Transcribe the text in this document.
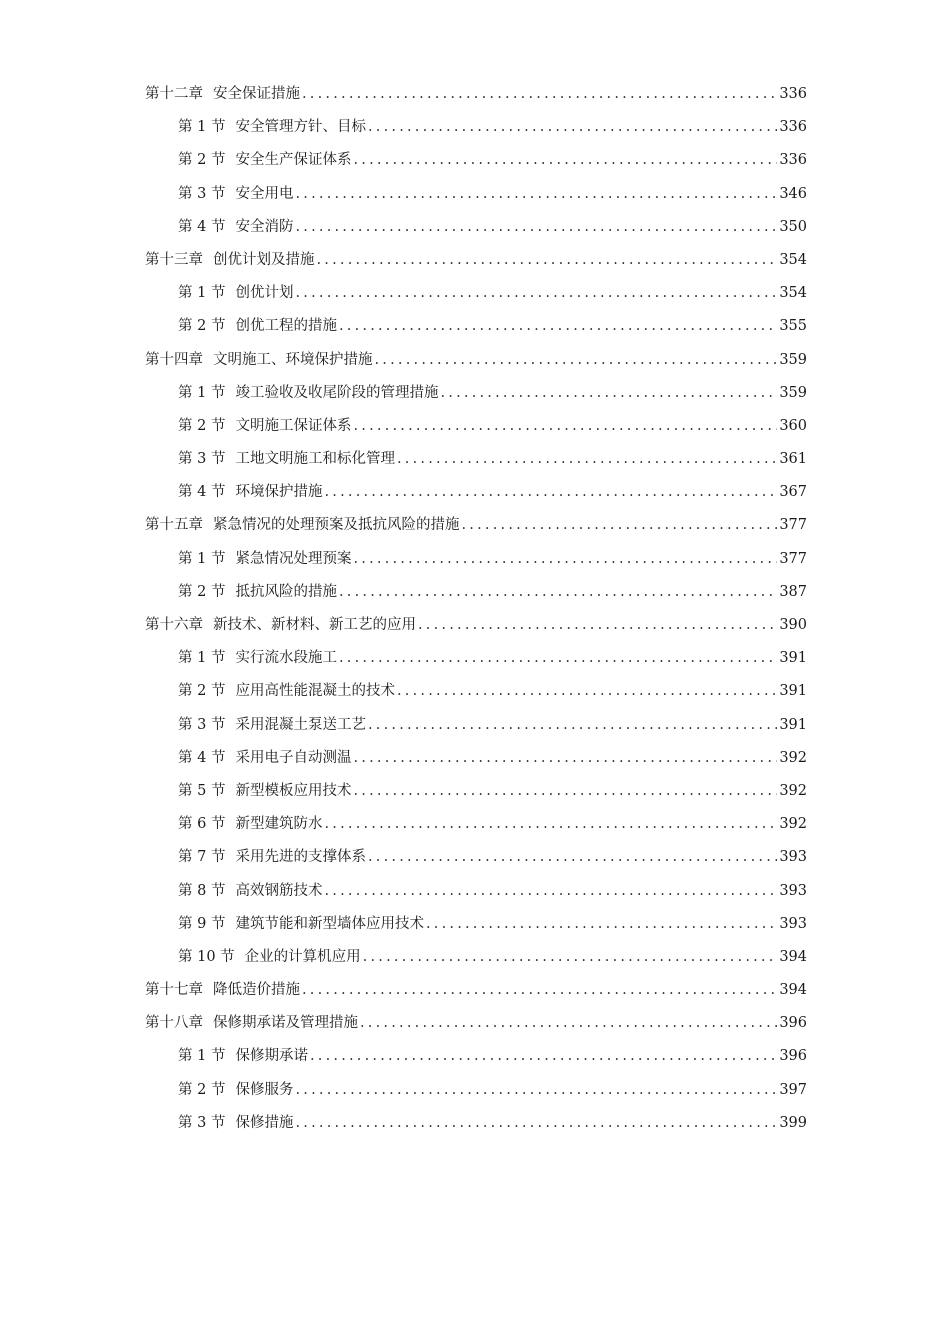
第十二章 安全保证措施 .....	336
第 1 节 安全管理方针、目标 .....	336
第 2 节 安全生产保证体系 .....	336
第 3 节 安全用电 .....	346
第 4 节 安全消防 .....	350
第十三章 创优计划及措施 .....	354
第 1 节 创优计划 .....	354
第 2 节 创优工程的措施 .....	355
第十四章 文明施工、环境保护措施 .....	359
第 1 节 竣工验收及收尾阶段的管理措施 .....	359
第 2 节 文明施工保证体系 .....	360
第 3 节 工地文明施工和标化管理 .....	361
第 4 节 环境保护措施 .....	367
第十五章 紧急情况的处理预案及抵抗风险的措施 .....	377
第 1 节 紧急情况处理预案 .....	377
第 2 节 抵抗风险的措施 .....	387
第十六章 新技术、新材料、新工艺的应用 .....	390
第 1 节 实行流水段施工 .....	391
第 2 节 应用高性能混凝土的技术 .....	391
第 3 节 采用混凝土泵送工艺 .....	391
第 4 节 采用电子自动测温 .....	392
第 5 节 新型模板应用技术 .....	392
第 6 节 新型建筑防水 .....	392
第 7 节 采用先进的支撑体系 .....	393
第 8 节 高效钢筋技术 .....	393
第 9 节 建筑节能和新型墙体应用技术 .....	393
第 10 节 企业的计算机应用 .....	394
第十七章 降低造价措施 .....	394
第十八章 保修期承诺及管理措施 .....	396
第 1 节 保修期承诺 .....	396
第 2 节 保修服务 .....	397
第 3 节 保修措施 .....	399
